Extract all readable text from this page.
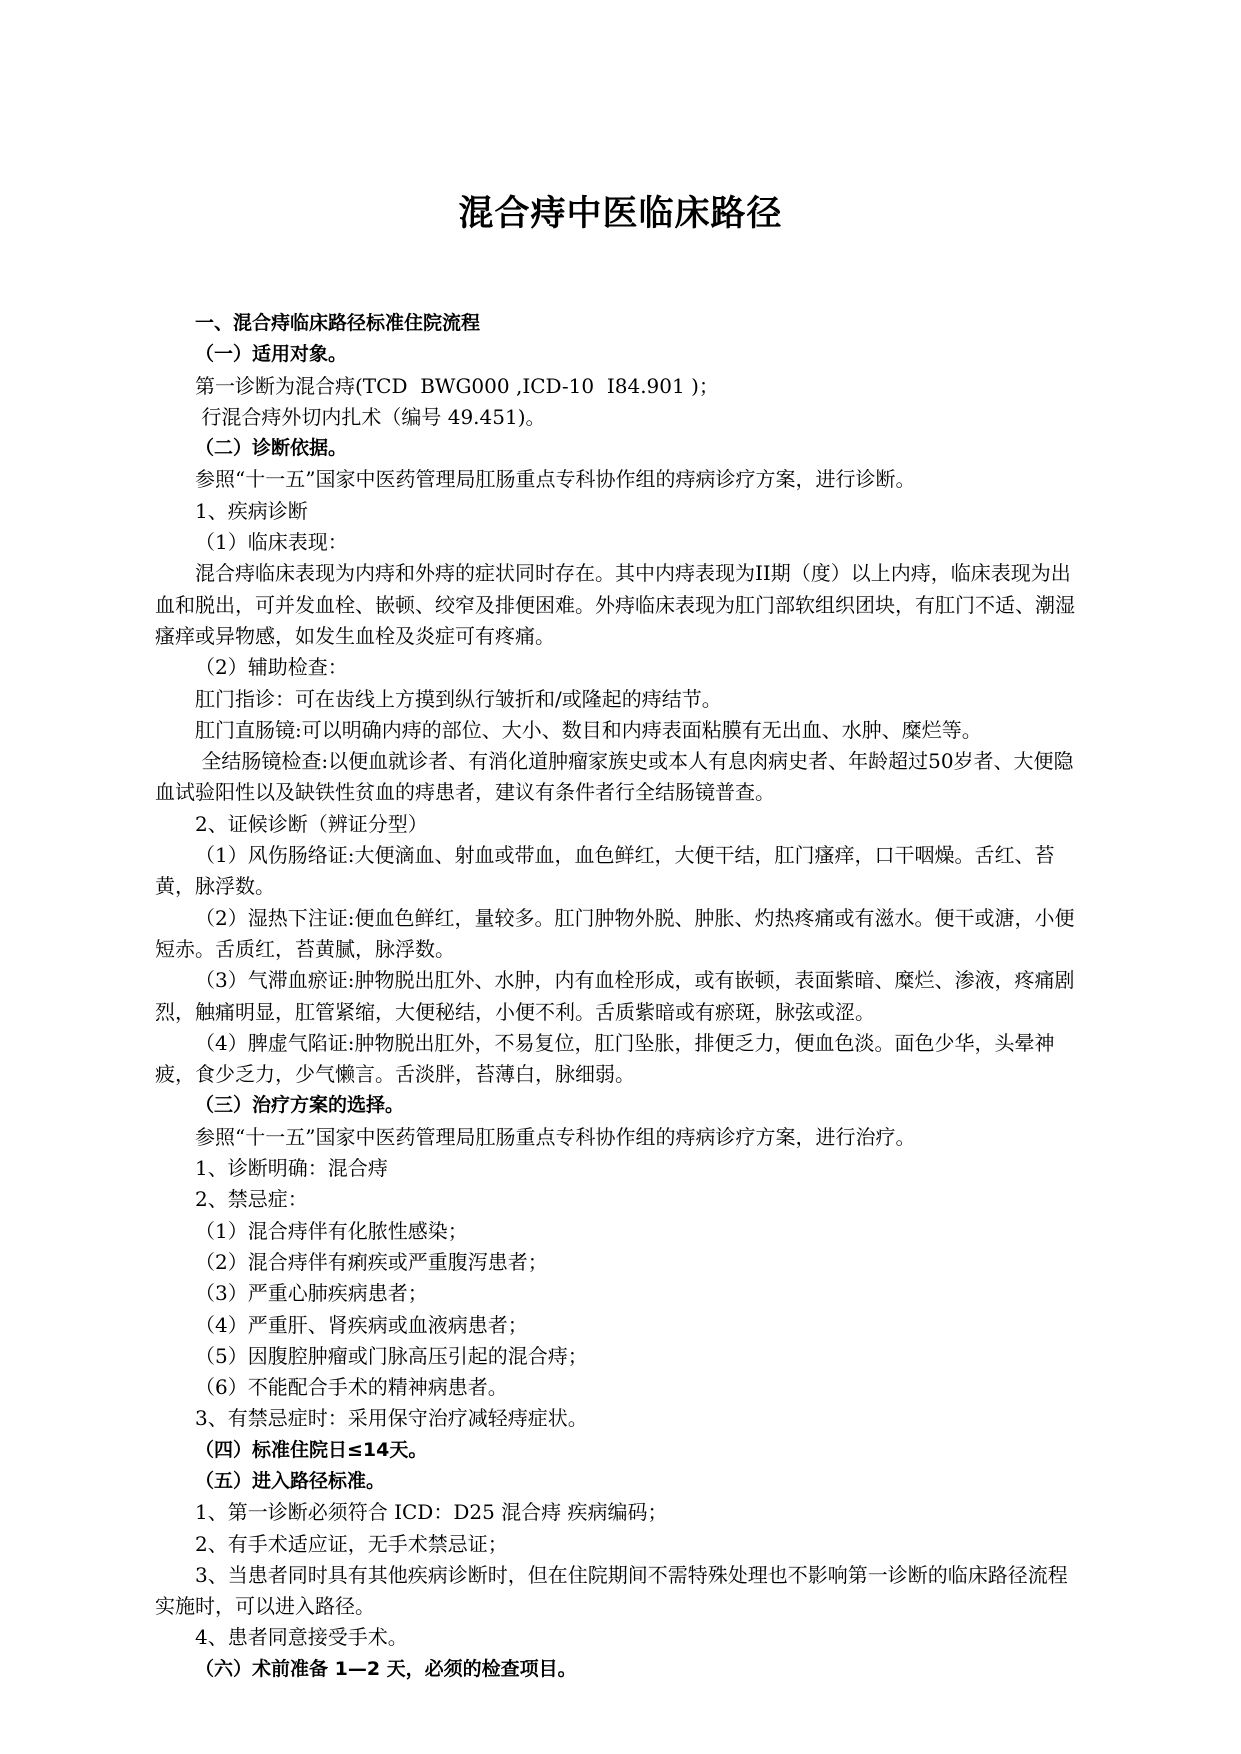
混合痔中医临床路径

一、混合痔临床路径标准住院流程

（一）适用对象。

第一诊断为混合痔(TCD  BWG000 ,ICD-10  I84.901 )；

行混合痔外切内扎术（编号 49.451)。

（二）诊断依据。

参照“十一五”国家中医药管理局肛肠重点专科协作组的痔病诊疗方案，进行诊断。

1、疾病诊断

（1）临床表现：

混合痔临床表现为内痔和外痔的症状同时存在。其中内痔表现为II期（度）以上内痔，临床表现为出血和脱出，可并发血栓、嵌顿、绞窄及排便困难。外痔临床表现为肛门部软组织团块，有肛门不适、潮湿瘙痒或异物感，如发生血栓及炎症可有疼痛。

（2）辅助检查：

肛门指诊：可在齿线上方摸到纵行皱折和/或隆起的痔结节。

肛门直肠镜:可以明确内痔的部位、大小、数目和内痔表面粘膜有无出血、水肿、糜烂等。

全结肠镜检查:以便血就诊者、有消化道肿瘤家族史或本人有息肉病史者、年龄超过50岁者、大便隐血试验阳性以及缺铁性贫血的痔患者，建议有条件者行全结肠镜普查。

2、证候诊断（辨证分型）

（1）风伤肠络证:大便滴血、射血或带血，血色鲜红，大便干结，肛门瘙痒，口干咽燥。舌红、苔黄，脉浮数。

（2）湿热下注证:便血色鲜红，量较多。肛门肿物外脱、肿胀、灼热疼痛或有滋水。便干或溏，小便短赤。舌质红，苔黄腻，脉浮数。

（3）气滞血瘀证:肿物脱出肛外、水肿，内有血栓形成，或有嵌顿，表面紫暗、糜烂、渗液，疼痛剧烈，触痛明显，肛管紧缩，大便秘结，小便不利。舌质紫暗或有瘀斑，脉弦或涩。

（4）脾虚气陷证:肿物脱出肛外，不易复位，肛门坠胀，排便乏力，便血色淡。面色少华，头晕神疲，食少乏力，少气懒言。舌淡胖，苔薄白，脉细弱。

（三）治疗方案的选择。

参照“十一五”国家中医药管理局肛肠重点专科协作组的痔病诊疗方案，进行治疗。

1、诊断明确：混合痔

2、禁忌症：

（1）混合痔伴有化脓性感染；

（2）混合痔伴有痢疾或严重腹泻患者；

（3）严重心肺疾病患者；

（4）严重肝、肾疾病或血液病患者；

（5）因腹腔肿瘤或门脉高压引起的混合痔；

（6）不能配合手术的精神病患者。

3、有禁忌症时：采用保守治疗减轻痔症状。

（四）标准住院日≤14天。

（五）进入路径标准。

1、第一诊断必须符合 ICD：D25 混合痔 疾病编码；

2、有手术适应证，无手术禁忌证；

3、当患者同时具有其他疾病诊断时，但在住院期间不需特殊处理也不影响第一诊断的临床路径流程实施时，可以进入路径。

4、患者同意接受手术。

（六）术前准备 1—2 天，必须的检查项目。
